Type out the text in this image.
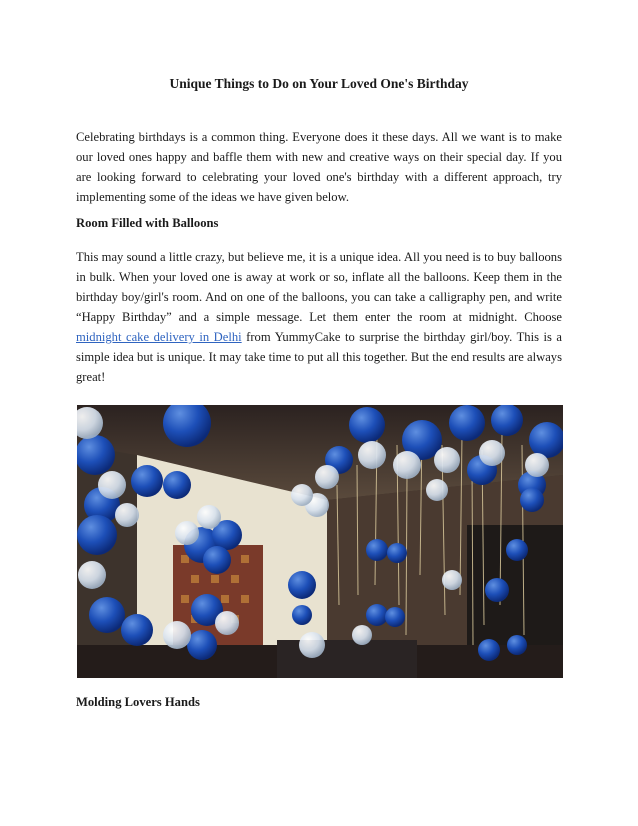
Unique Things to Do on Your Loved One's Birthday

Celebrating birthdays is a common thing. Everyone does it these days. All we want is to make our loved ones happy and baffle them with new and creative ways on their special day. If you are looking forward to celebrating your loved one's birthday with a different approach, try implementing some of the ideas we have given below.

Room Filled with Balloons

This may sound a little crazy, but believe me, it is a unique idea. All you need is to buy balloons in bulk. When your loved one is away at work or so, inflate all the balloons. Keep them in the birthday boy/girl's room. And on one of the balloons, you can take a calligraphy pen, and write “Happy Birthday” and a simple message. Let them enter the room at midnight. Choose midnight cake delivery in Delhi from YummyCake to surprise the birthday girl/boy. This is a simple idea but is unique. It may take time to put all this together. But the end results are always great!

Molding Lovers Hands
